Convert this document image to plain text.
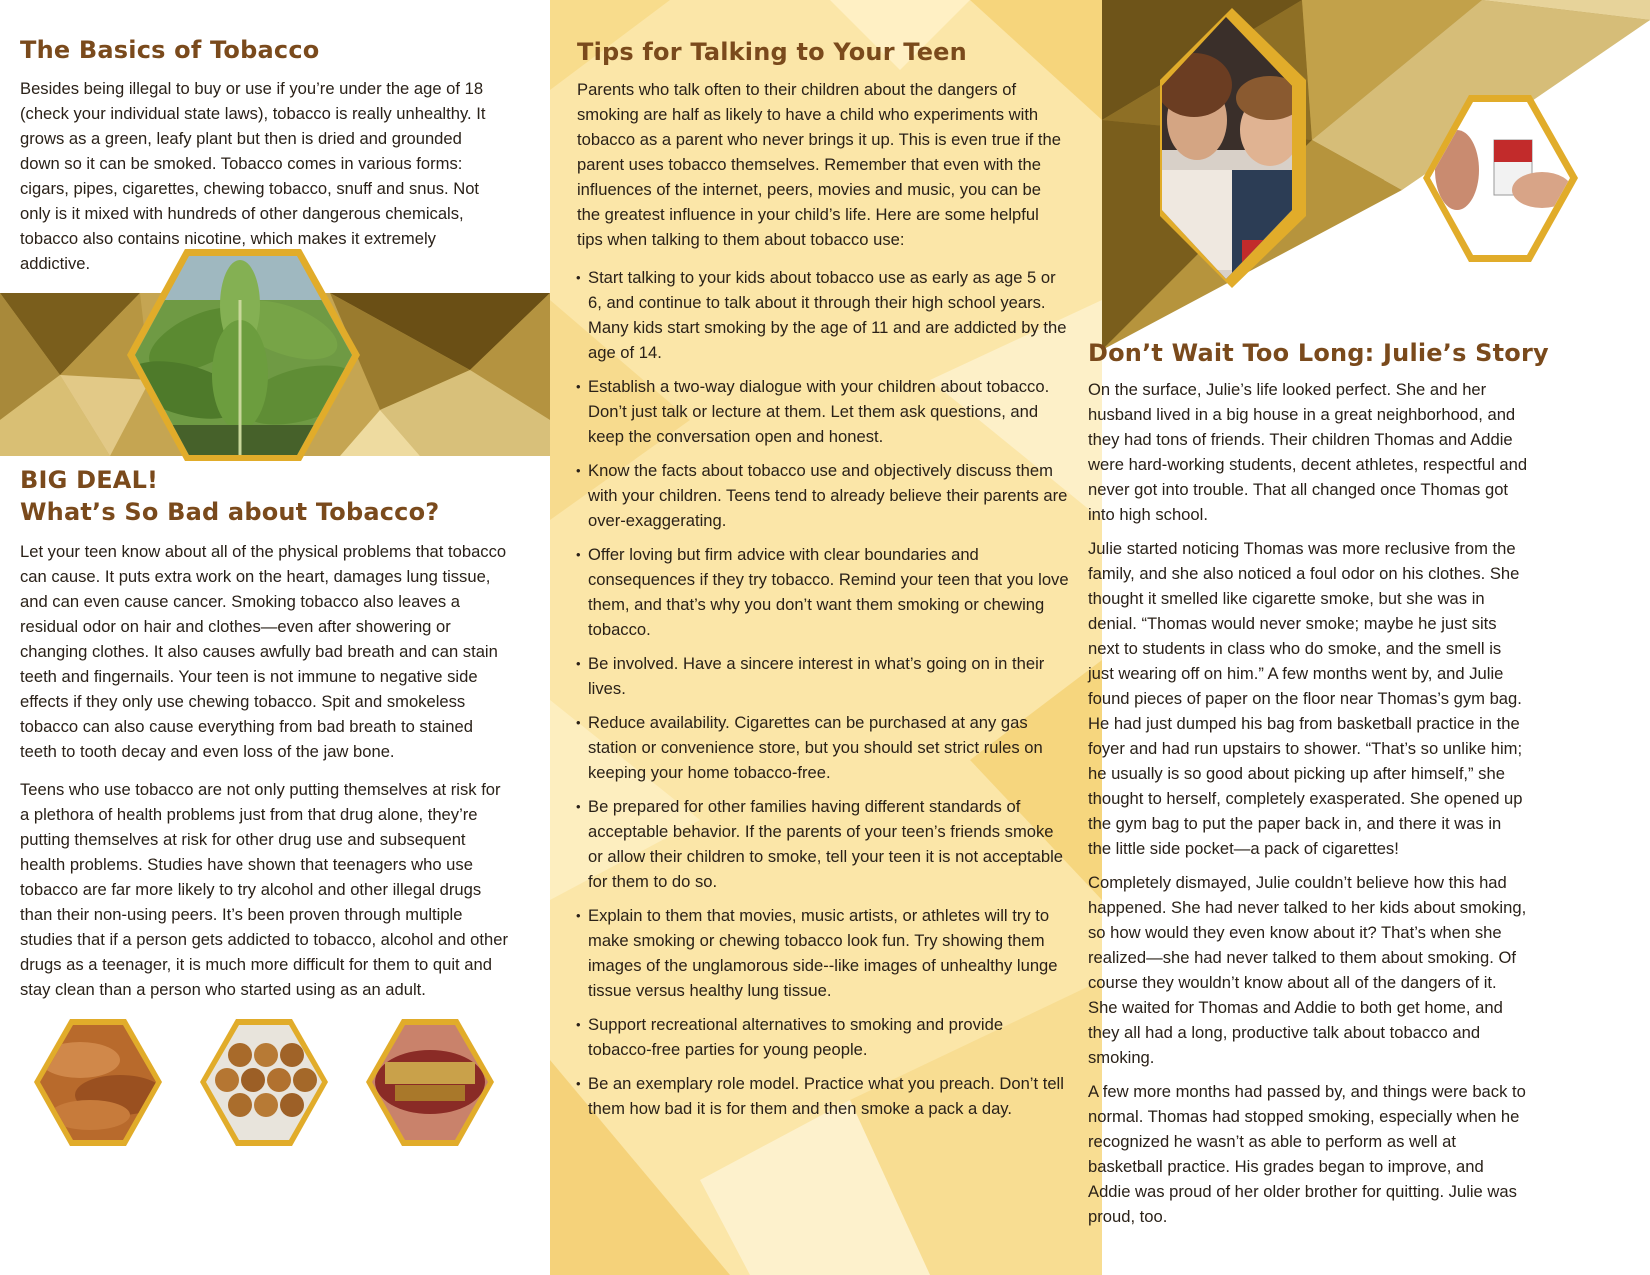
The Basics of Tobacco

Besides being illegal to buy or use if you’re under the age of 18 (check your individual state laws), tobacco is really unhealthy. It grows as a green, leafy plant but then is dried and grounded down so it can be smoked. Tobacco comes in various forms: cigars, pipes, cigarettes, chewing tobacco, snuff and snus. Not only is it mixed with hundreds of other dangerous chemicals, tobacco also contains nicotine, which makes it extremely addictive.

BIG DEAL!
What’s So Bad about Tobacco?

Let your teen know about all of the physical problems that tobacco can cause. It puts extra work on the heart, damages lung tissue, and can even cause cancer. Smoking tobacco also leaves a residual odor on hair and clothes—even after showering or changing clothes. It also causes awfully bad breath and can stain teeth and fingernails. Your teen is not immune to negative side effects if they only use chewing tobacco. Spit and smokeless tobacco can also cause everything from bad breath to stained teeth to tooth decay and even loss of the jaw bone.

Teens who use tobacco are not only putting themselves at risk for a plethora of health problems just from that drug alone, they’re putting themselves at risk for other drug use and subsequent health problems. Studies have shown that teenagers who use tobacco are far more likely to try alcohol and other illegal drugs than their non-using peers. It’s been proven through multiple studies that if a person gets addicted to tobacco, alcohol and other drugs as a teenager, it is much more difficult for them to quit and stay clean than a person who started using as an adult.

Tips for Talking to Your Teen

Parents who talk often to their children about the dangers of smoking are half as likely to have a child who experiments with tobacco as a parent who never brings it up. This is even true if the parent uses tobacco themselves. Remember that even with the influences of the internet, peers, movies and music, you can be the greatest influence in your child’s life. Here are some helpful tips when talking to them about tobacco use:

• Start talking to your kids about tobacco use as early as age 5 or 6, and continue to talk about it through their high school years. Many kids start smoking by the age of 11 and are addicted by the age of 14.
• Establish a two-way dialogue with your children about tobacco. Don’t just talk or lecture at them. Let them ask questions, and keep the conversation open and honest.
• Know the facts about tobacco use and objectively discuss them with your children. Teens tend to already believe their parents are over-exaggerating.
• Offer loving but firm advice with clear boundaries and consequences if they try tobacco. Remind your teen that you love them, and that’s why you don’t want them smoking or chewing tobacco.
• Be involved. Have a sincere interest in what’s going on in their lives.
• Reduce availability. Cigarettes can be purchased at any gas station or convenience store, but you should set strict rules on keeping your home tobacco-free.
• Be prepared for other families having different standards of acceptable behavior. If the parents of your teen’s friends smoke or allow their children to smoke, tell your teen it is not acceptable for them to do so.
• Explain to them that movies, music artists, or athletes will try to make smoking or chewing tobacco look fun. Try showing them images of the unglamorous side--like images of unhealthy lunge tissue versus healthy lung tissue.
• Support recreational alternatives to smoking and provide tobacco-free parties for young people.
• Be an exemplary role model. Practice what you preach. Don’t tell them how bad it is for them and then smoke a pack a day.
Don’t Wait Too Long: Julie’s Story

On the surface, Julie’s life looked perfect. She and her husband lived in a big house in a great neighborhood, and they had tons of friends. Their children Thomas and Addie were hard-working students, decent athletes, respectful and never got into trouble. That all changed once Thomas got into high school.

Julie started noticing Thomas was more reclusive from the family, and she also noticed a foul odor on his clothes. She thought it smelled like cigarette smoke, but she was in denial. “Thomas would never smoke; maybe he just sits next to students in class who do smoke, and the smell is just wearing off on him.” A few months went by, and Julie found pieces of paper on the floor near Thomas’s gym bag. He had just dumped his bag from basketball practice in the foyer and had run upstairs to shower. “That’s so unlike him; he usually is so good about picking up after himself,” she thought to herself, completely exasperated. She opened up the gym bag to put the paper back in, and there it was in the little side pocket—a pack of cigarettes!

Completely dismayed, Julie couldn’t believe how this had happened. She had never talked to her kids about smoking, so how would they even know about it? That’s when she realized—she had never talked to them about smoking. Of course they wouldn’t know about all of the dangers of it. She waited for Thomas and Addie to both get home, and they all had a long, productive talk about tobacco and smoking.

A few more months had passed by, and things were back to normal. Thomas had stopped smoking, especially when he recognized he wasn’t as able to perform as well at basketball practice. His grades began to improve, and Addie was proud of her older brother for quitting. Julie was proud, too.
